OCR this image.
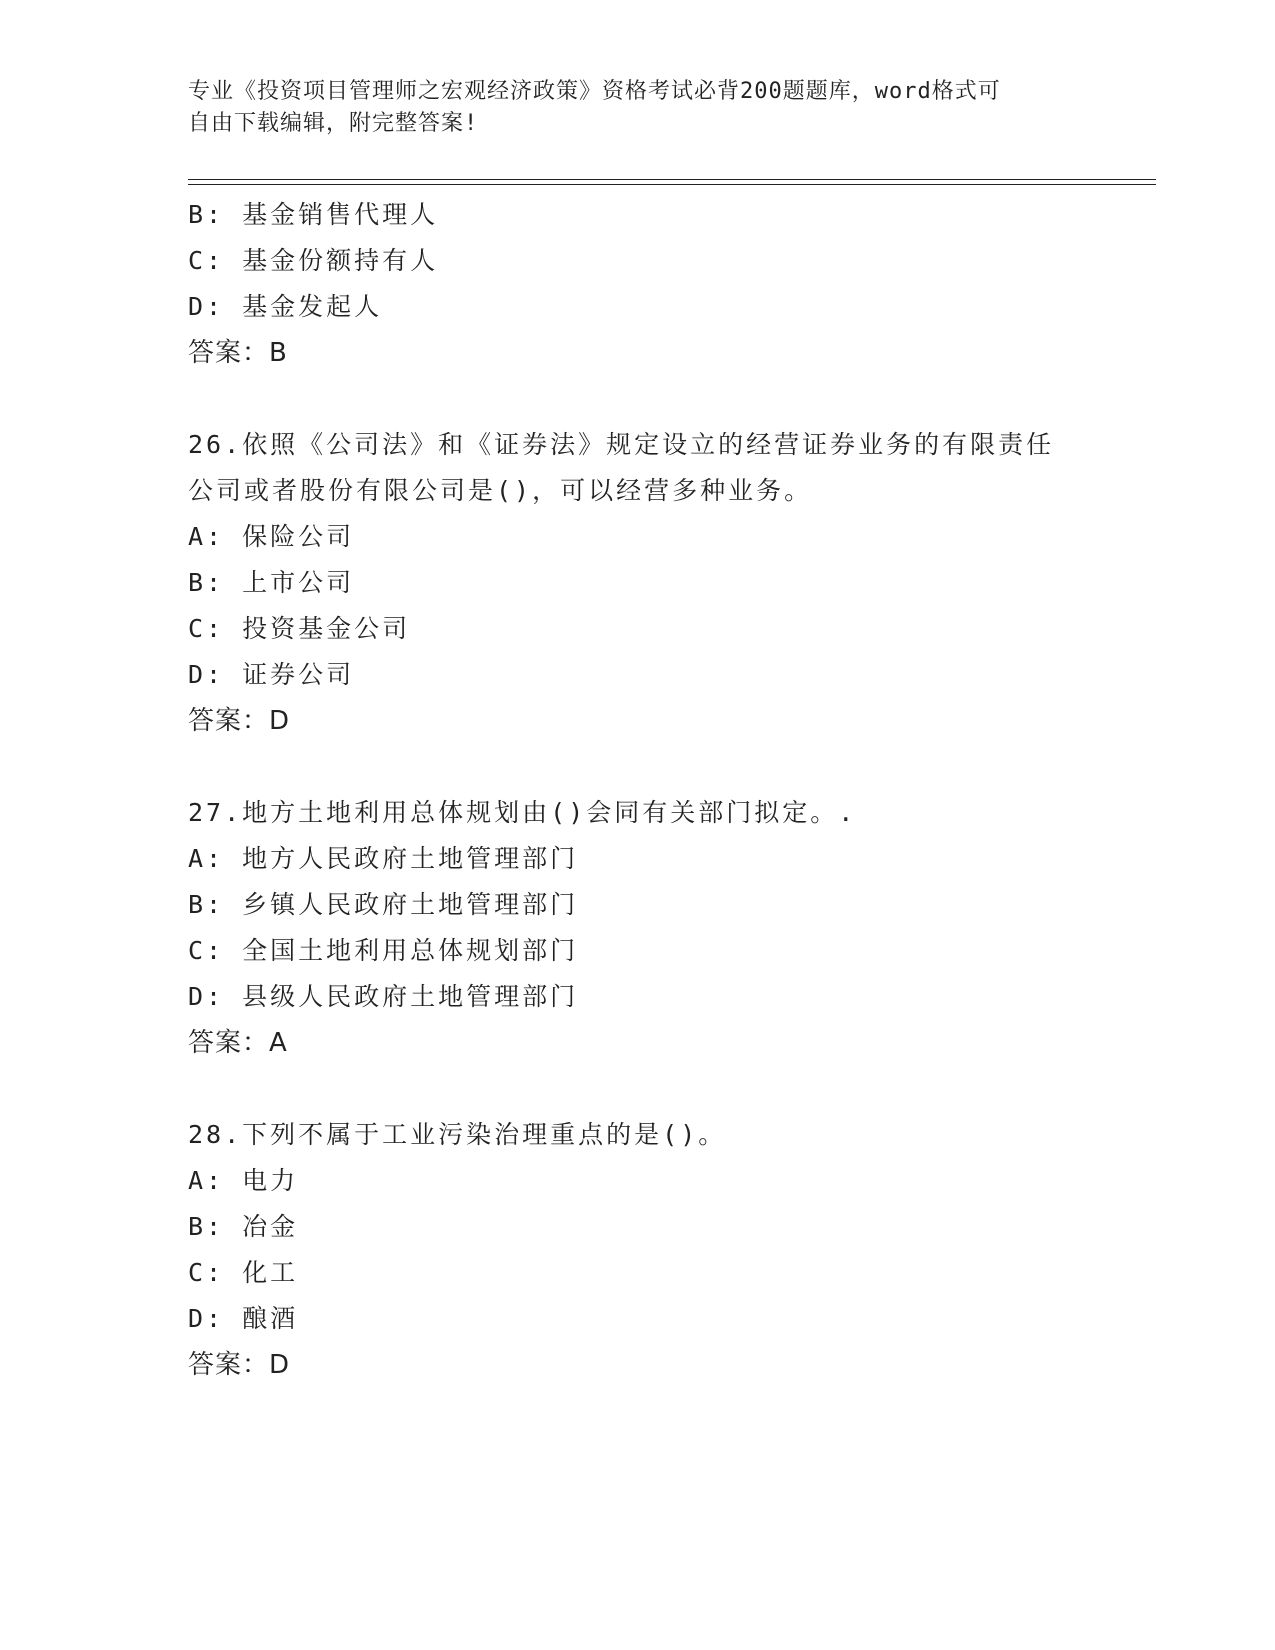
专业《投资项目管理师之宏观经济政策》资格考试必背200题题库，word格式可
自由下载编辑，附完整答案!
B: 基金销售代理人
C: 基金份额持有人
D: 基金发起人
答案：B
26.依照《公司法》和《证券法》规定设立的经营证券业务的有限责任
公司或者股份有限公司是()，可以经营多种业务。
A: 保险公司
B: 上市公司
C: 投资基金公司
D: 证券公司
答案：D
27.地方土地利用总体规划由()会同有关部门拟定。.
A: 地方人民政府土地管理部门
B: 乡镇人民政府土地管理部门
C: 全国土地利用总体规划部门
D: 县级人民政府土地管理部门
答案：A
28.下列不属于工业污染治理重点的是()。
A: 电力
B: 冶金
C: 化工
D: 酿酒
答案：D
